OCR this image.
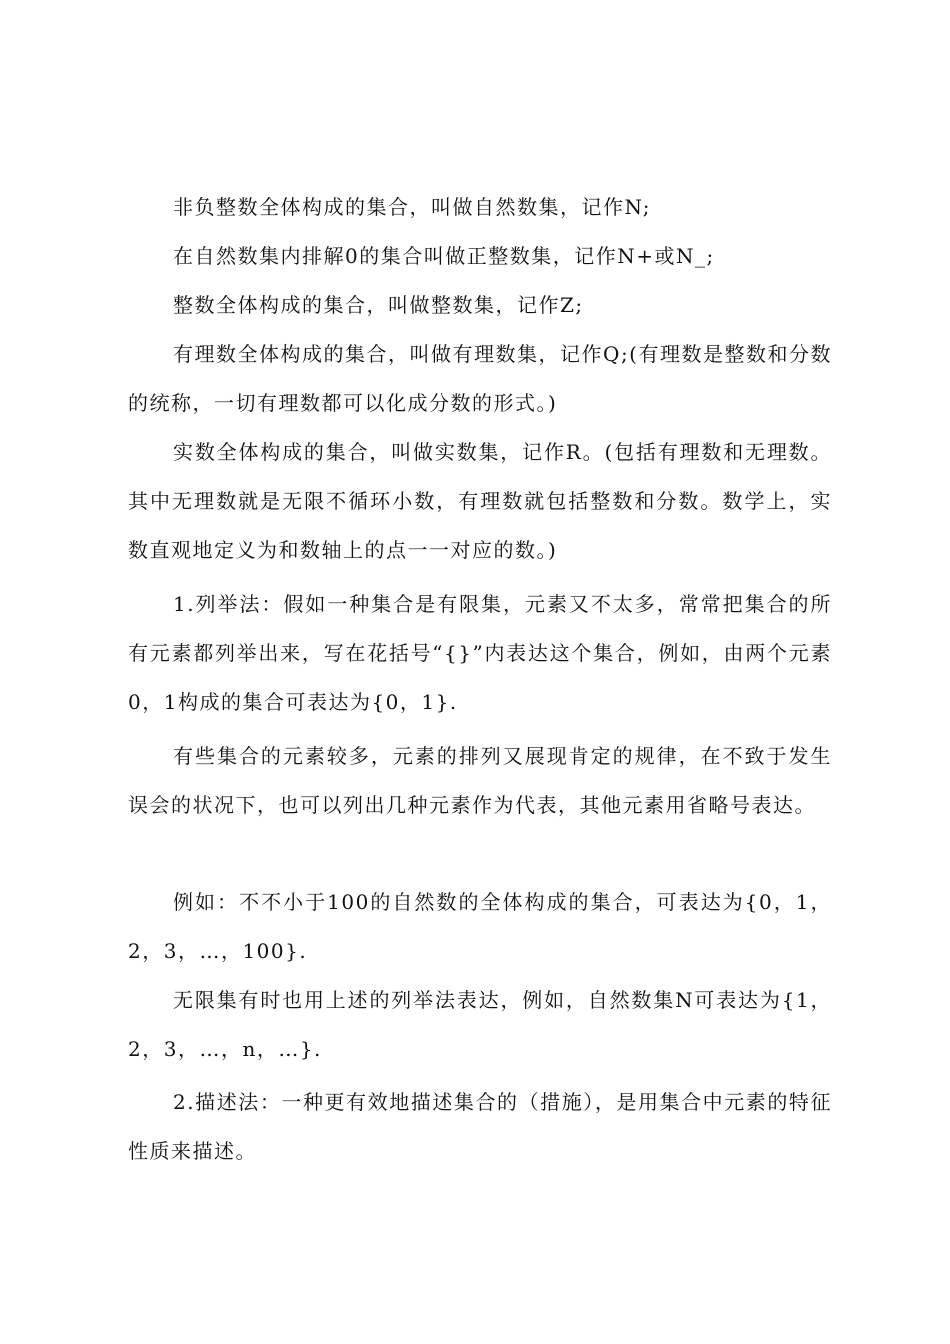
非负整数全体构成的集合，叫做自然数集，记作N;

在自然数集内排解0的集合叫做正整数集，记作N+或N_;

整数全体构成的集合，叫做整数集，记作Z;

有理数全体构成的集合，叫做有理数集，记作Q;(有理数是整数和分数的统称，一切有理数都可以化成分数的形式。)

实数全体构成的集合，叫做实数集，记作R。(包括有理数和无理数。其中无理数就是无限不循环小数，有理数就包括整数和分数。数学上，实数直观地定义为和数轴上的点一一对应的数。)

1.列举法：假如一种集合是有限集，元素又不太多，常常把集合的所有元素都列举出来，写在花括号“{}”内表达这个集合，例如，由两个元素0，1构成的集合可表达为{0，1}.

有些集合的元素较多，元素的排列又展现肯定的规律，在不致于发生误会的状况下，也可以列出几种元素作为代表，其他元素用省略号表达。

例如：不不小于100的自然数的全体构成的集合，可表达为{0，1，2，3，…，100}.

无限集有时也用上述的列举法表达，例如，自然数集N可表达为{1，2，3，…，n，…}.

2.描述法：一种更有效地描述集合的（措施），是用集合中元素的特征性质来描述。
